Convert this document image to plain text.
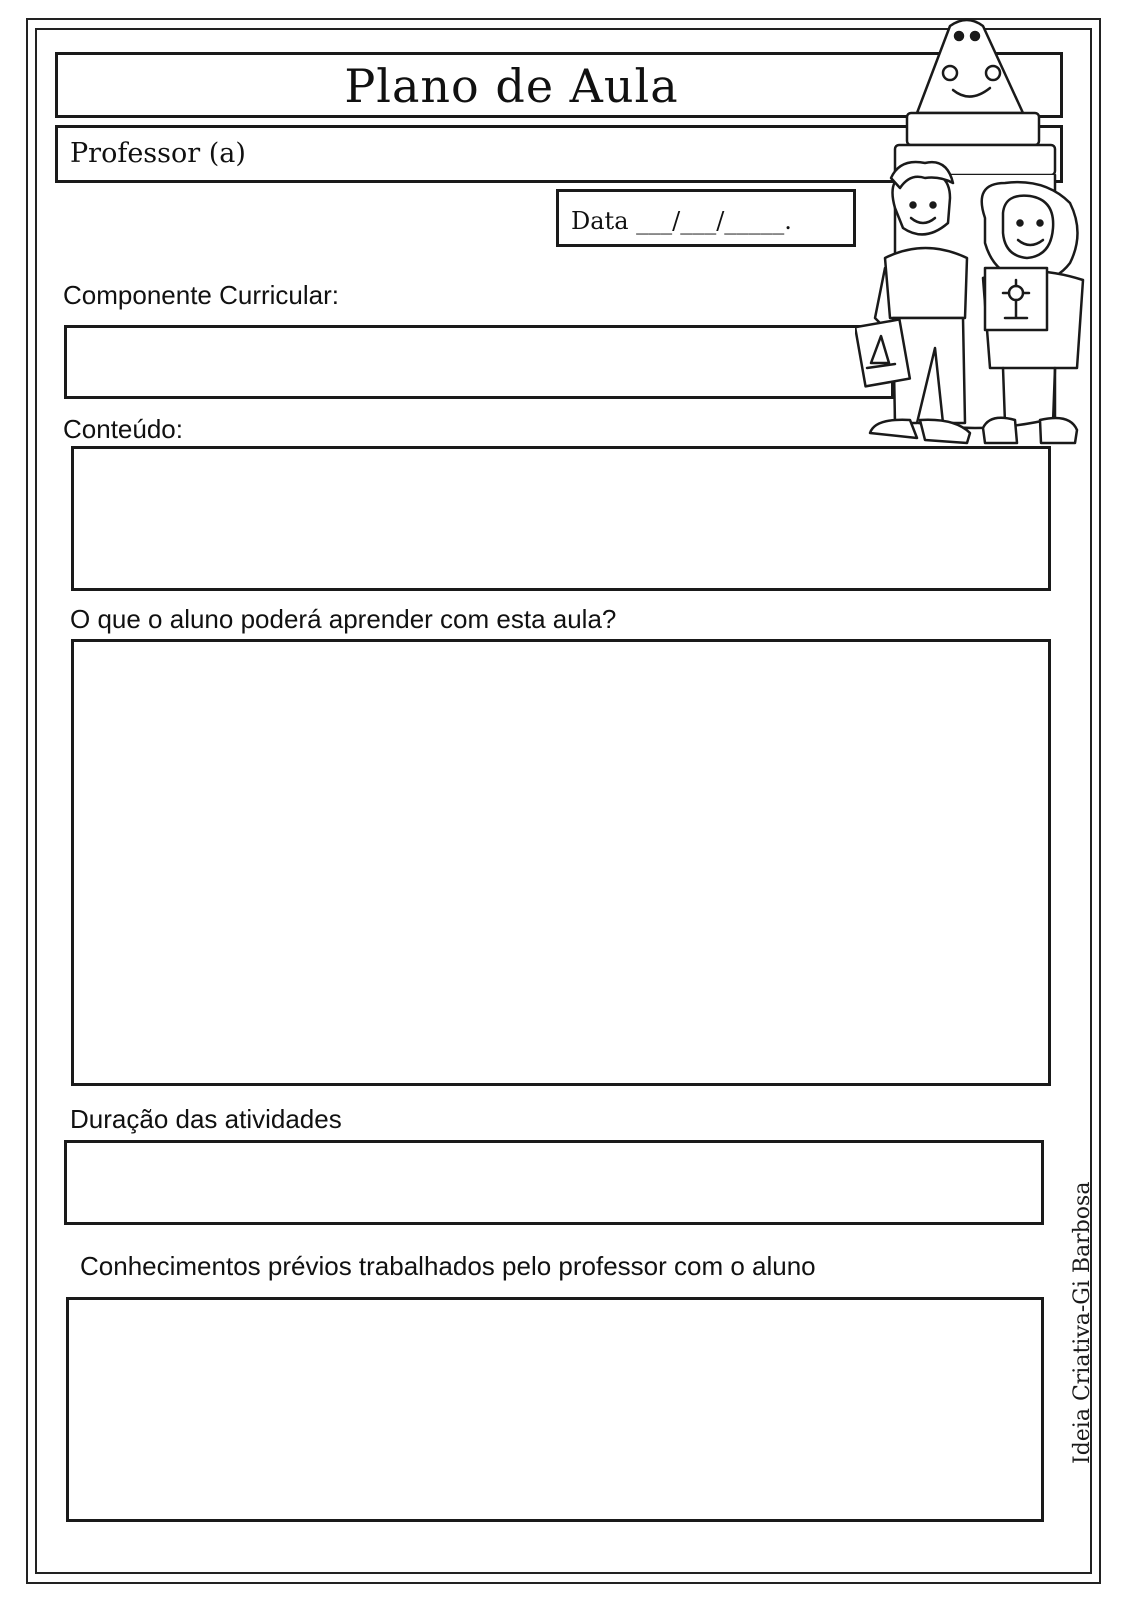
Plano de Aula
Professor (a)
Data ___/___/_____.
Componente Curricular:
Conteúdo:
O que o aluno poderá aprender com esta aula?
Duração das atividades
Conhecimentos prévios trabalhados pelo professor com o aluno	Ideia Criativa-Gi Barbosa
